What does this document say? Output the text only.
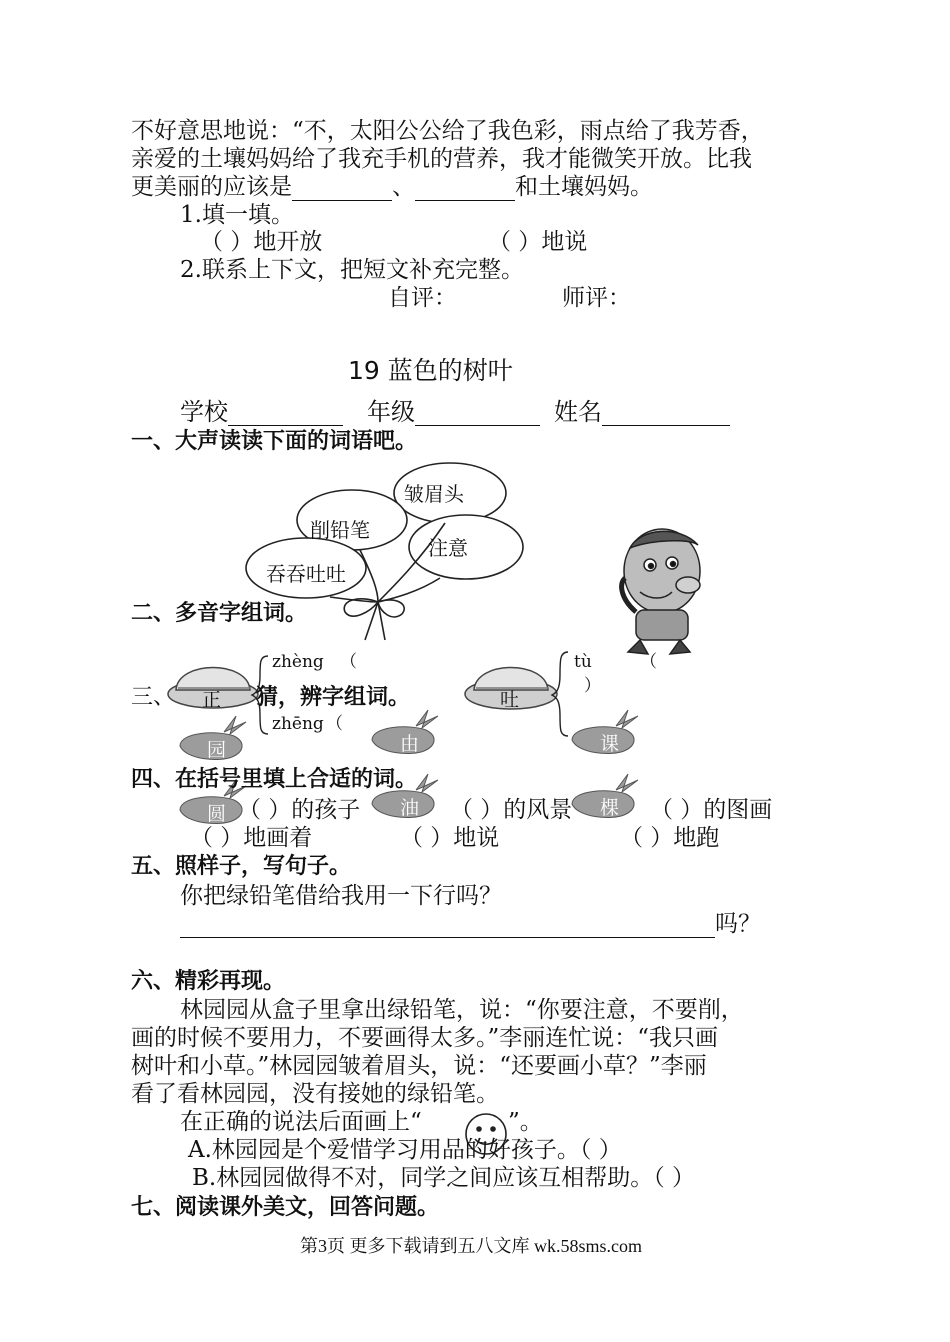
不好意思地说：“不，太阳公公给了我色彩，雨点给了我芳香，
亲爱的土壤妈妈给了我充手机的营养，我才能微笑开放。比我
更美丽的应该是	、	和土壤妈妈。
1.填一填。
（ ）地开放	（ ）地说
2.联系上下文，把短文补充完整。
自评：	师评：
19 蓝色的树叶
学校	年级	姓名
一、大声读读下面的词语吧。
皱眉头
削铅笔
注意
吞吞吐吐
二、多音字组词。
正	吐
zhèng （
zhēng （
tù	（
）
三、	猜，辨字组词。
园	由	课
圆	油	棵
四、在括号里填上合适的词。
（ ）的孩子	（ ）的风景	（ ）的图画
（ ）地画着	（ ）地说	（ ）地跑
五、照样子，写句子。
你把绿铅笔借给我用一下行吗？
吗？
六、精彩再现。
林园园从盒子里拿出绿铅笔，说：“你要注意，不要削，
画的时候不要用力，不要画得太多。”李丽连忙说：“我只画
树叶和小草。”林园园皱着眉头，说：“还要画小草？”李丽
看了看林园园，没有接她的绿铅笔。
在正确的说法后面画上“	”。
A.林园园是个爱惜学习用品的好孩子。（ ）
B.林园园做得不对，同学之间应该互相帮助。（ ）
七、阅读课外美文，回答问题。
第3页 更多下载请到五八文库 wk.58sms.com
